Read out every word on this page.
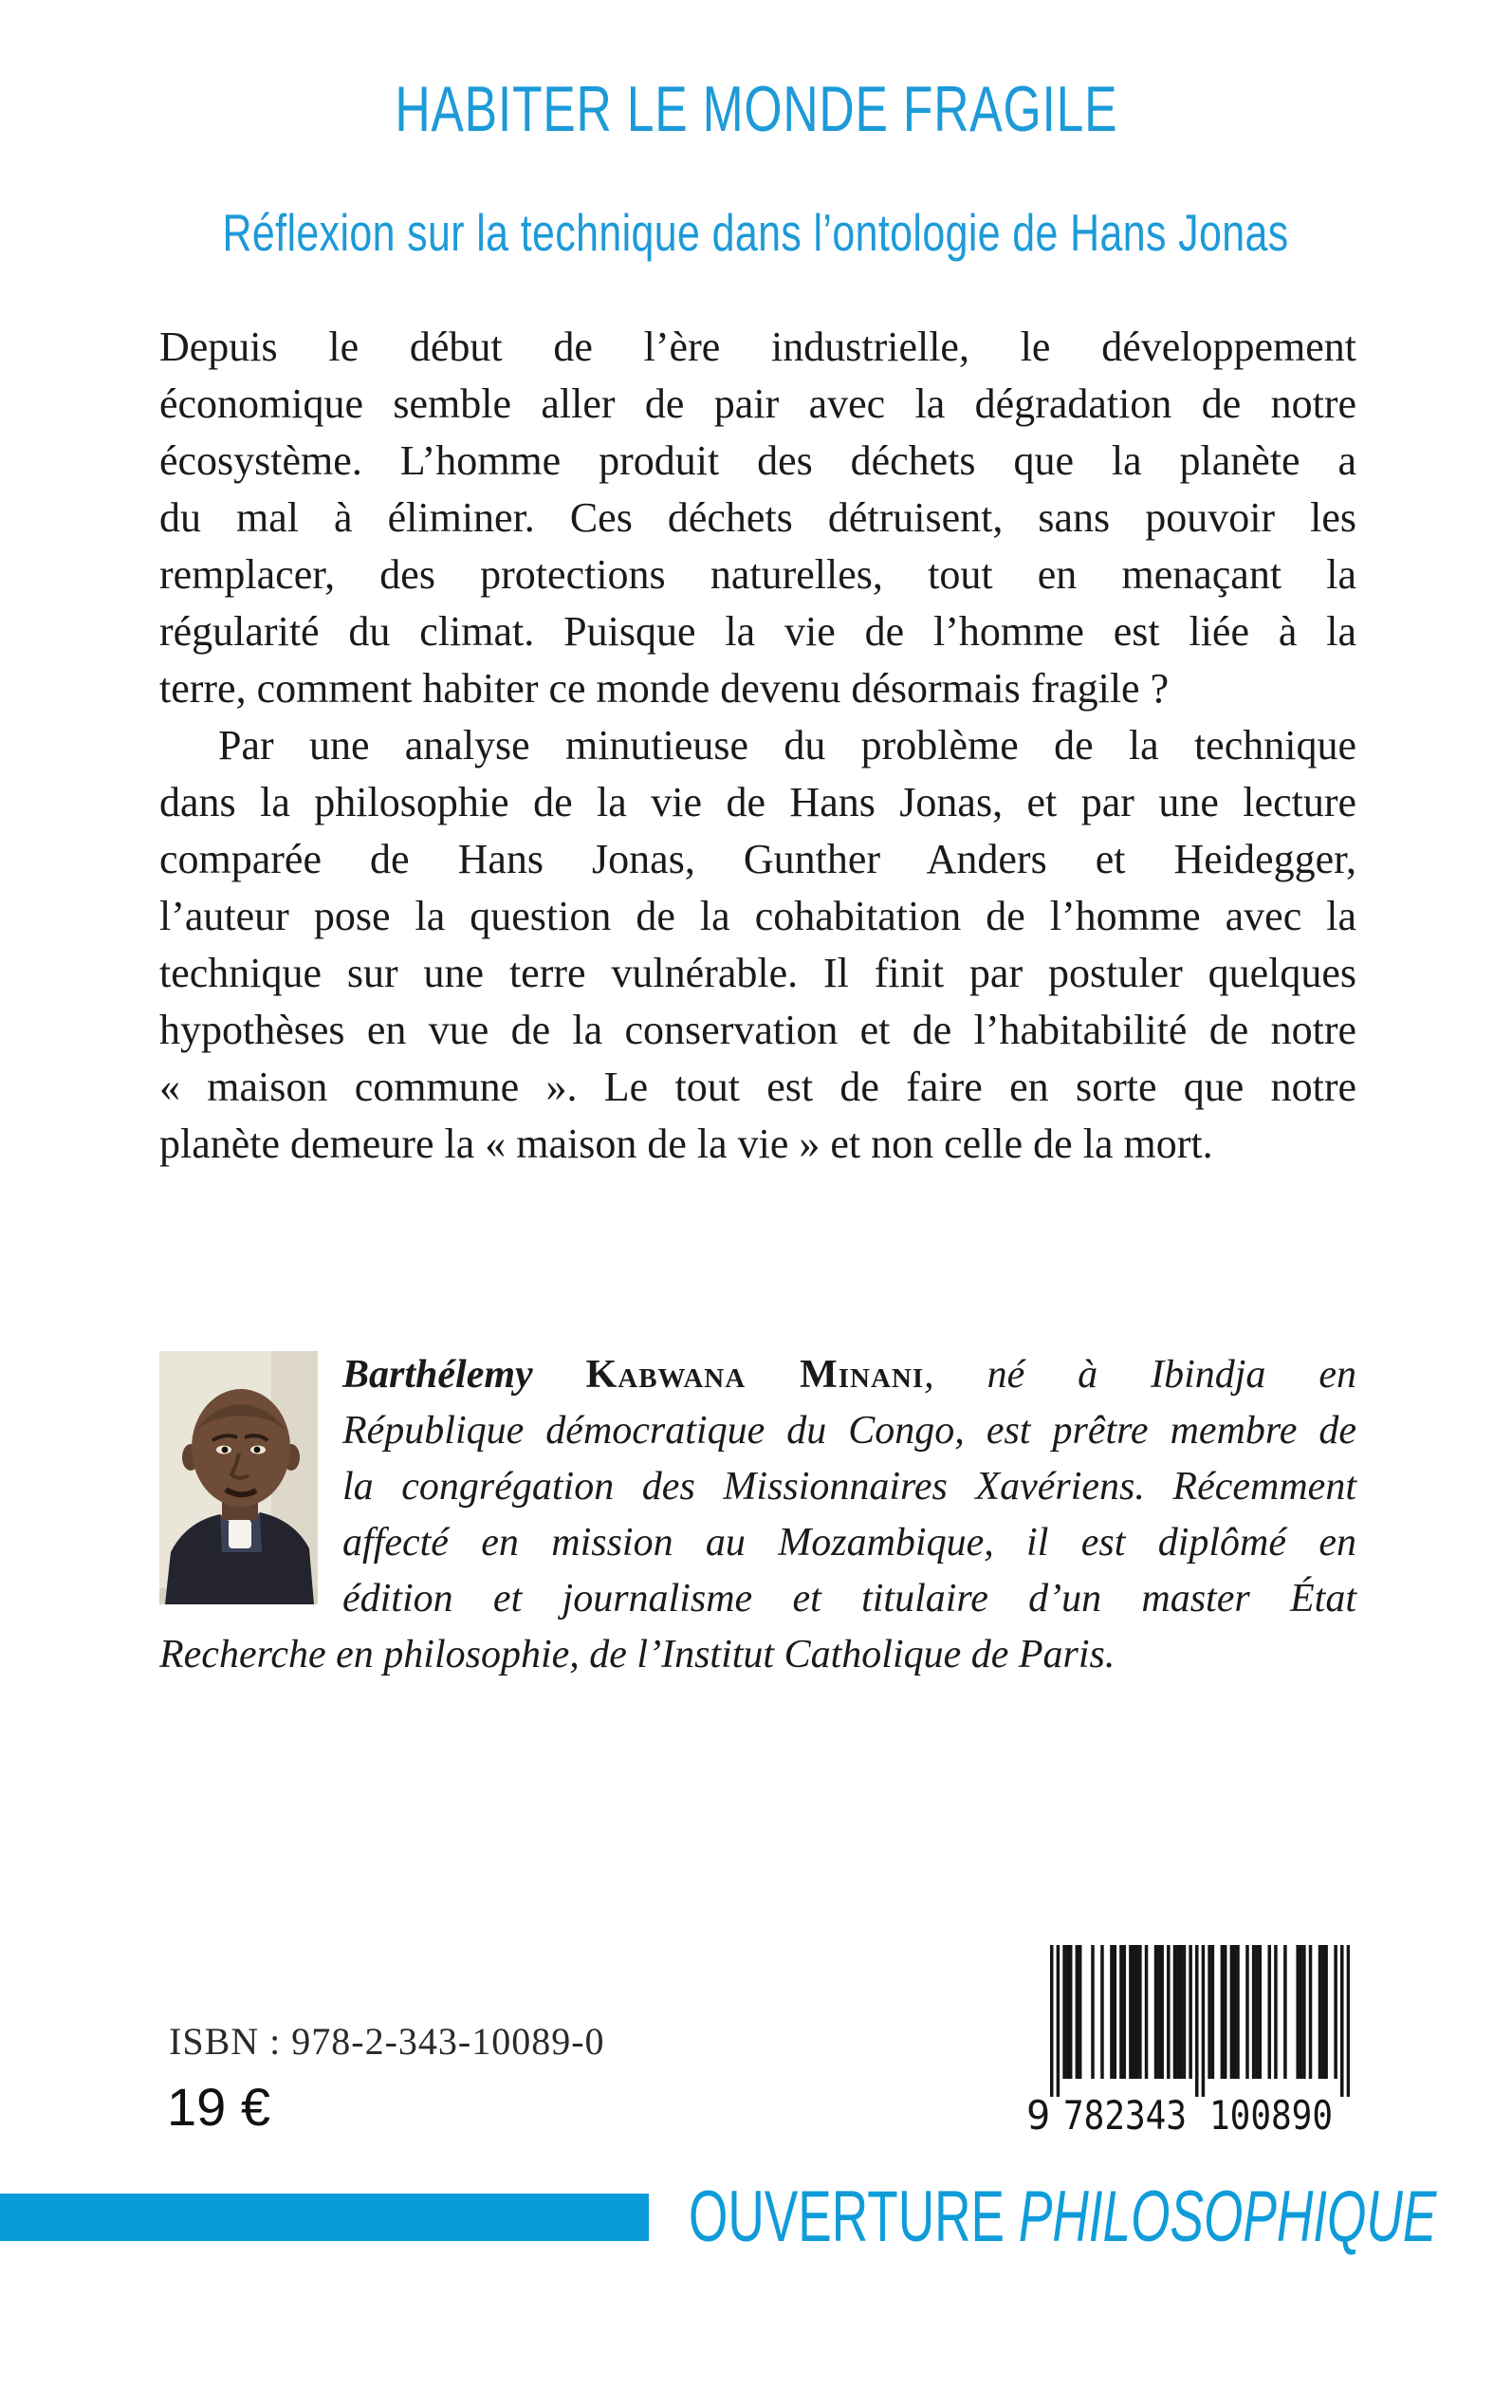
HABITER LE MONDE FRAGILE
Réflexion sur la technique dans l’ontologie de Hans Jonas
Depuis le début de l’ère industrielle, le développement
économique semble aller de pair avec la dégradation de notre
écosystème. L’homme produit des déchets que la planète a
du mal à éliminer. Ces déchets détruisent, sans pouvoir les
remplacer, des protections naturelles, tout en menaçant la
régularité du climat. Puisque la vie de l’homme est liée à la
terre, comment habiter ce monde devenu désormais fragile ?
Par une analyse minutieuse du problème de la technique
dans la philosophie de la vie de Hans Jonas, et par une lecture
comparée de Hans Jonas, Gunther Anders et Heidegger,
l’auteur pose la question de la cohabitation de l’homme avec la
technique sur une terre vulnérable. Il finit par postuler quelques
hypothèses en vue de la conservation et de l’habitabilité de notre
« maison commune ». Le tout est de faire en sorte que notre
planète demeure la « maison de la vie » et non celle de la mort.
Barthélemy Kabwana Minani, né à Ibindja en
République démocratique du Congo, est prêtre membre de
la congrégation des Missionnaires Xavériens. Récemment
affecté en mission au Mozambique, il est diplômé en
édition et journalisme et titulaire d’un master État
Recherche en philosophie, de l’Institut Catholique de Paris.
ISBN : 978-2-343-10089-0
19 €	9 782343 100890
OUVERTURE PHILOSOPHIQUE
